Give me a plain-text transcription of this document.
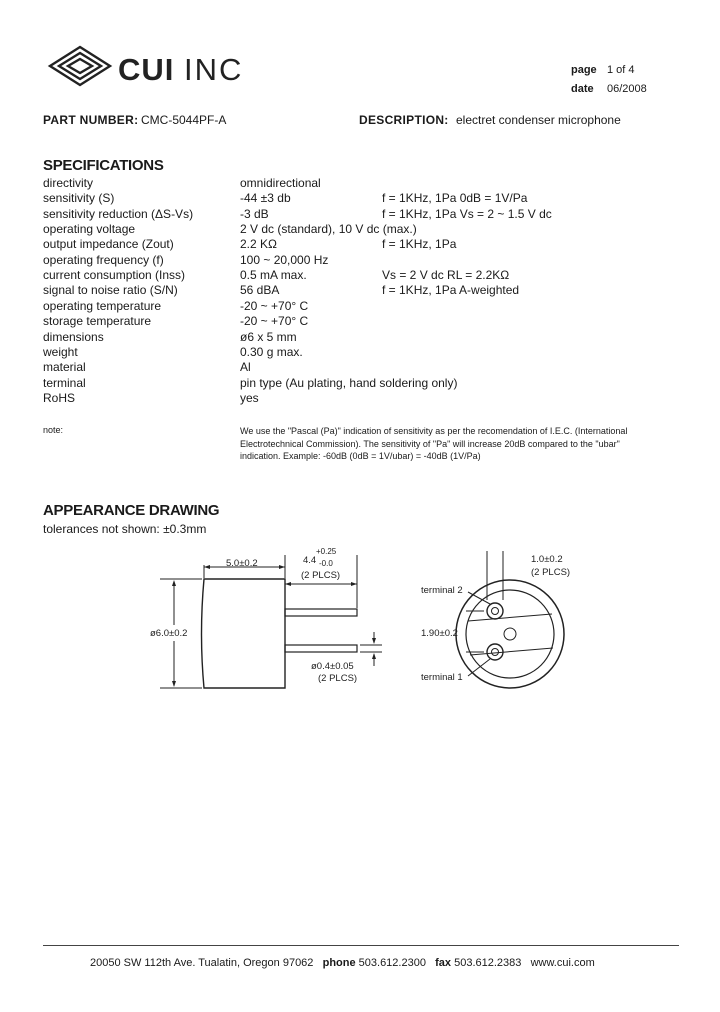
CUI INC	page 1 of 4
date 06/2008
PART NUMBER: CMC-5044PF-A	DESCRIPTION: electret condenser microphone
SPECIFICATIONS
directivity	omnidirectional
sensitivity (S)	-44 ±3 db	f = 1KHz, 1Pa 0dB = 1V/Pa
sensitivity reduction (ΔS-Vs)	-3 dB	f = 1KHz, 1Pa Vs = 2 ~ 1.5 V dc
operating voltage	2 V dc (standard), 10 V dc (max.)
output impedance (Zout)	2.2 KΩ	f = 1KHz, 1Pa
operating frequency (f)	100 ~ 20,000 Hz
current consumption (Inss)	0.5 mA max.	Vs = 2 V dc RL = 2.2KΩ
signal to noise ratio (S/N)	56 dBA	f = 1KHz, 1Pa A-weighted
operating temperature	-20 ~ +70° C
storage temperature	-20 ~ +70° C
dimensions	ø6 x 5 mm
weight	0.30 g max.
material	Al
terminal	pin type (Au plating, hand soldering only)
RoHS	yes
note:	We use the "Pascal (Pa)" indication of sensitivity as per the recomendation of I.E.C. (International Electrotechnical Commission). The sensitivity of "Pa" will increase 20dB compared to the "ubar" indication. Example: -60dB (0dB = 1V/ubar) = -40dB (1V/Pa)
APPEARANCE DRAWING
tolerances not shown: ±0.3mm
5.0±0.2	4.4
+0.25
-0.0
(2 PLCS)
ø6.0±0.2
ø0.4±0.05
(2 PLCS)
1.0±0.2
(2 PLCS)
terminal 2
1.90±0.2
terminal 1
20050 SW 112th Ave. Tualatin, Oregon 97062 phone 503.612.2300 fax 503.612.2383 www.cui.com
